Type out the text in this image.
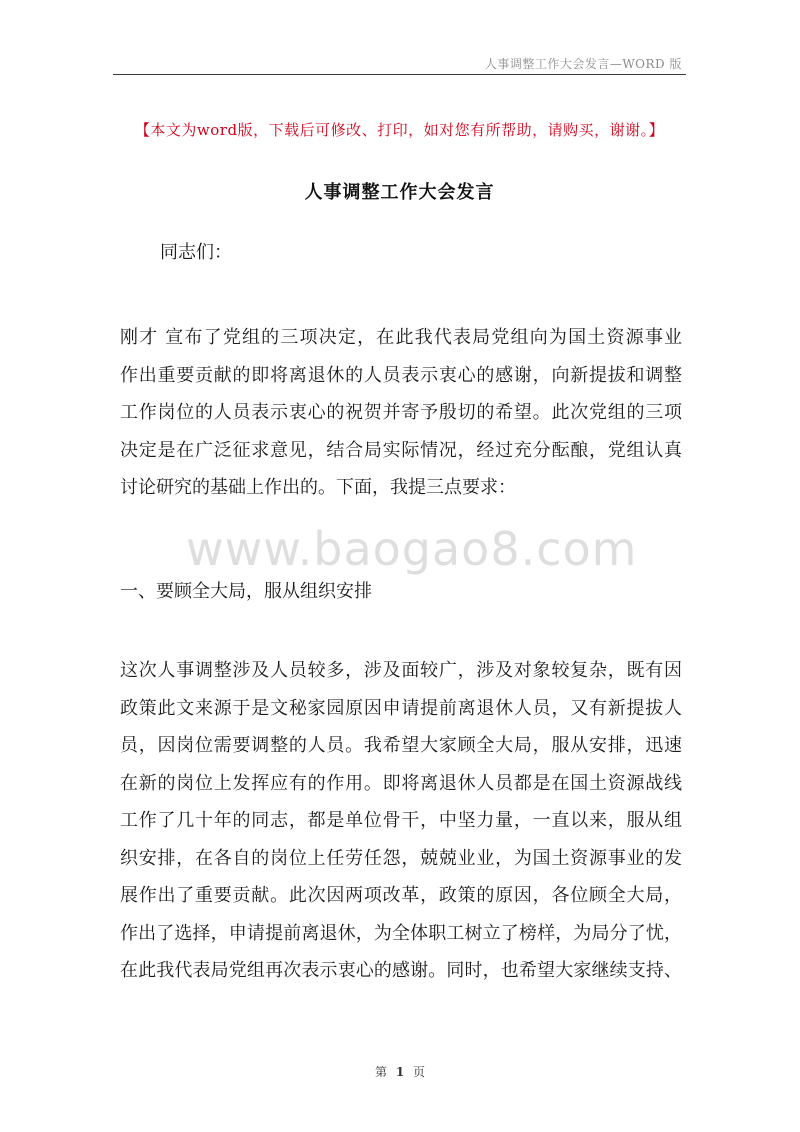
人事调整工作大会发言—WORD 版
【本文为word版，下载后可修改、打印，如对您有所帮助，请购买，谢谢。】
人事调整工作大会发言
同志们：
刚才 宣布了党组的三项决定，在此我代表局党组向为国土资源事业
作出重要贡献的即将离退休的人员表示衷心的感谢，向新提拔和调整
工作岗位的人员表示衷心的祝贺并寄予殷切的希望。此次党组的三项
决定是在广泛征求意见，结合局实际情况，经过充分酝酿，党组认真
讨论研究的基础上作出的。下面，我提三点要求：
www.baogao8.com
一、要顾全大局，服从组织安排
这次人事调整涉及人员较多，涉及面较广，涉及对象较复杂，既有因
政策此文来源于是文秘家园原因申请提前离退休人员，又有新提拔人
员，因岗位需要调整的人员。我希望大家顾全大局，服从安排，迅速
在新的岗位上发挥应有的作用。即将离退休人员都是在国土资源战线
工作了几十年的同志，都是单位骨干，中坚力量，一直以来，服从组
织安排，在各自的岗位上任劳任怨，兢兢业业，为国土资源事业的发
展作出了重要贡献。此次因两项改革，政策的原因，各位顾全大局，
作出了选择，申请提前离退休，为全体职工树立了榜样，为局分了忧，
在此我代表局党组再次表示衷心的感谢。同时，也希望大家继续支持、
第 1 页
